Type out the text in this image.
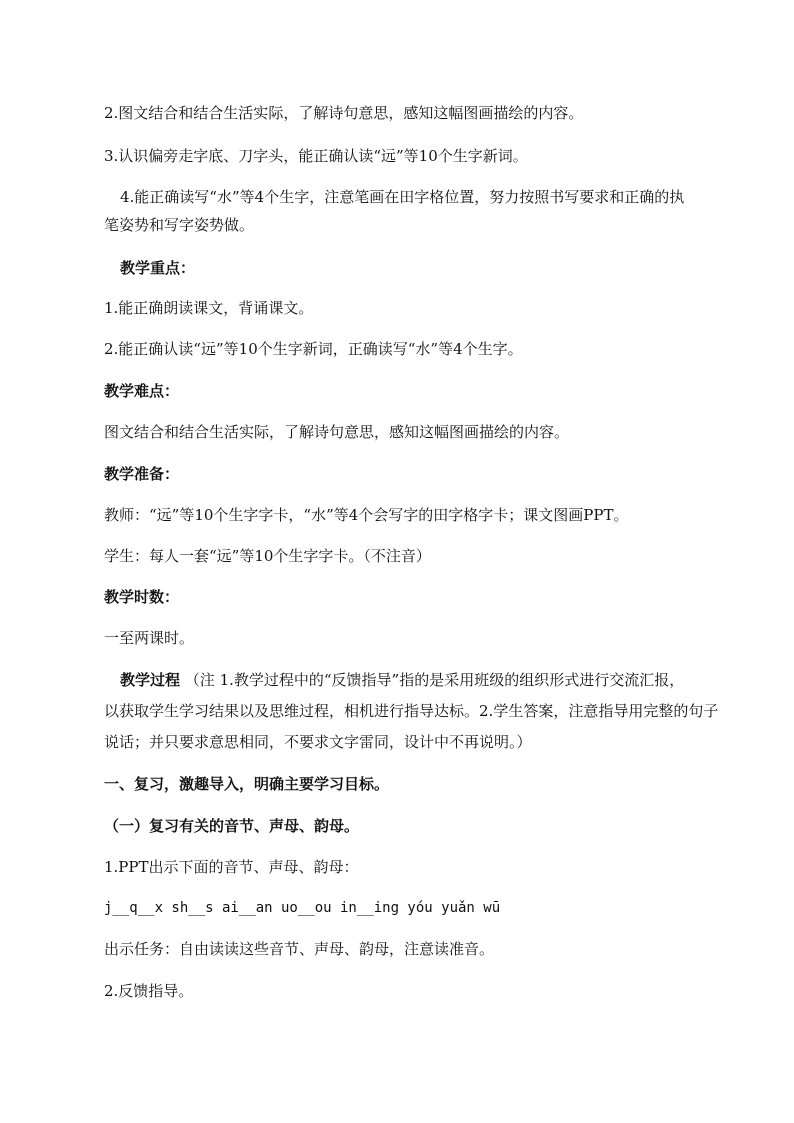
2.图文结合和结合生活实际，了解诗句意思，感知这幅图画描绘的内容。
3.认识偏旁走字底、刀字头，能正确认读“远”等10个生字新词。
4.能正确读写“水”等4个生字，注意笔画在田字格位置，努力按照书写要求和正确的执
笔姿势和写字姿势做。
教学重点：
1.能正确朗读课文，背诵课文。
2.能正确认读“远”等10个生字新词，正确读写“水”等4个生字。
教学难点：
图文结合和结合生活实际，了解诗句意思，感知这幅图画描绘的内容。
教学准备：
教师：“远”等10个生字字卡，“水”等4个会写字的田字格字卡；课文图画PPT。
学生：每人一套“远”等10个生字字卡。（不注音）
教学时数：
一至两课时。
教学过程 （注 1.教学过程中的“反馈指导”指的是采用班级的组织形式进行交流汇报，
以获取学生学习结果以及思维过程，相机进行指导达标。2.学生答案，注意指导用完整的句子
说话；并只要求意思相同，不要求文字雷同，设计中不再说明。）
一、复习，激趣导入，明确主要学习目标。
（一）复习有关的音节、声母、韵母。
1.PPT出示下面的音节、声母、韵母：
j__q__x sh__s ai__an uo__ou in__ing yóu yuǎn wū
出示任务：自由读读这些音节、声母、韵母，注意读准音。
2.反馈指导。
